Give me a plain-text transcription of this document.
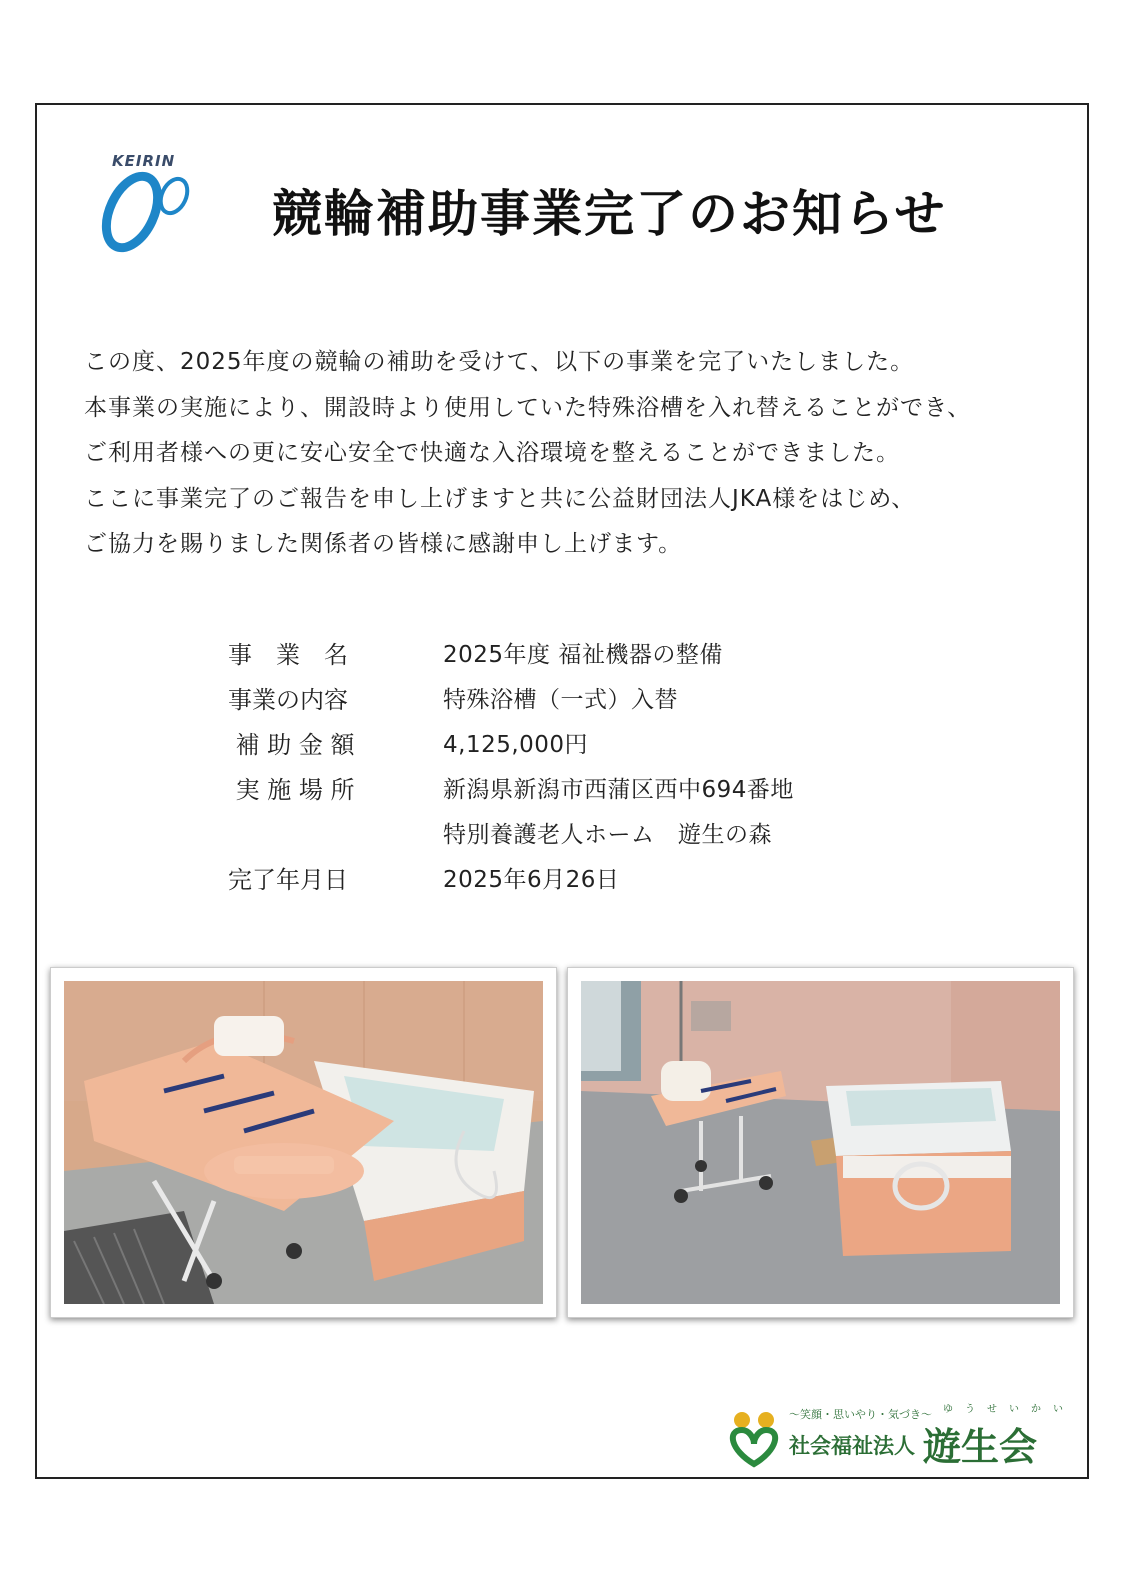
KEIRIN
競輪補助事業完了のお知らせ

この度、2025年度の競輪の補助を受けて、以下の事業を完了いたしました。

本事業の実施により、開設時より使用していた特殊浴槽を入れ替えることができ、

ご利用者様への更に安心安全で快適な入浴環境を整えることができました。

ここに事業完了のご報告を申し上げますと共に公益財団法人JKA様をはじめ、

ご協力を賜りました関係者の皆様に感謝申し上げます。

事　業　名	2025年度 福祉機器の整備
事業の内容	特殊浴槽（一式）入替
補 助 金 額	4,125,000円
実 施 場 所	新潟県新潟市西蒲区西中694番地
特別養護老人ホーム　遊生の森
完了年月日	2025年6月26日
～笑顔・思いやり・気づき～ ゆうせいかい
社会福祉法人 遊生会
